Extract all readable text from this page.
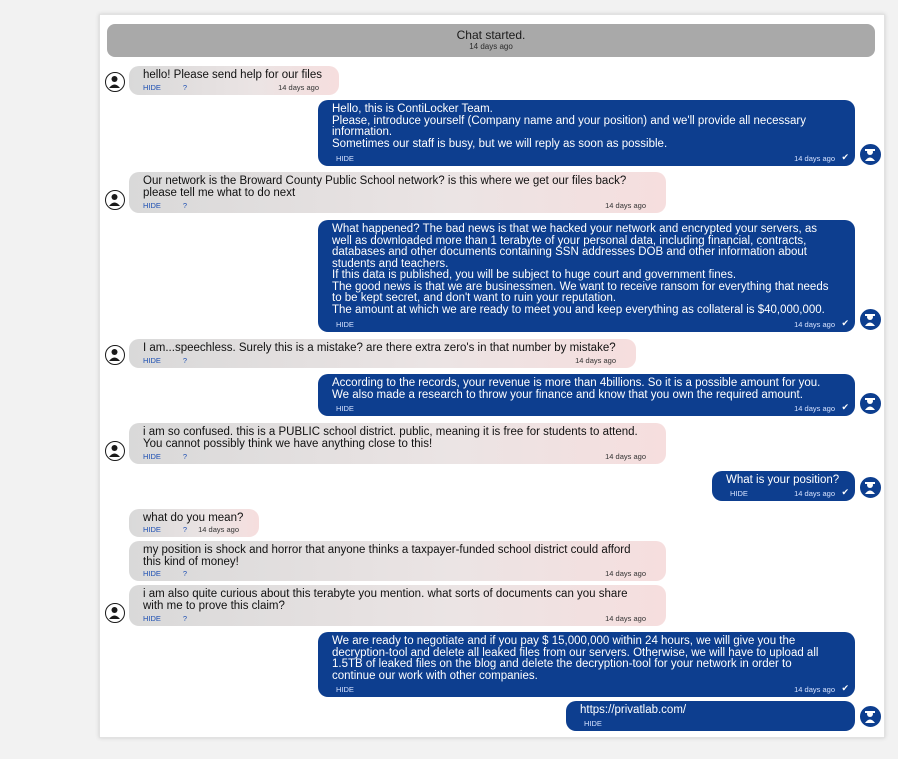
Chat started.
14 days ago
hello! Please send help for our files
HIDE	?	14 days ago
Hello, this is ContiLocker Team.
Please, introduce yourself (Company name and your position) and we'll provide all necessary
information.
Sometimes our staff is busy, but we will reply as soon as possible.
HIDE	14 days ago ✔
Our network is the Broward County Public School network? is this where we get our files back?
please tell me what to do next
HIDE	?	14 days ago
What happened? The bad news is that we hacked your network and encrypted your servers, as
well as downloaded more than 1 terabyte of your personal data, including financial, contracts,
databases and other documents containing SSN addresses DOB and other information about
students and teachers.
If this data is published, you will be subject to huge court and government fines.
The good news is that we are businessmen. We want to receive ransom for everything that needs
to be kept secret, and don't want to ruin your reputation.
The amount at which we are ready to meet you and keep everything as collateral is $40,000,000.
HIDE	14 days ago ✔
I am...speechless. Surely this is a mistake? are there extra zero's in that number by mistake?
HIDE	?	14 days ago
According to the records, your revenue is more than 4billions. So it is a possible amount for you.
We also made a research to throw your finance and know that you own the required amount.
HIDE	14 days ago ✔
i am so confused. this is a PUBLIC school district. public, meaning it is free for students to attend.
You cannot possibly think we have anything close to this!
HIDE	?	14 days ago
What is your position?
HIDE	14 days ago ✔
what do you mean?
HIDE	? 14 days ago
my position is shock and horror that anyone thinks a taxpayer-funded school district could afford
this kind of money!
HIDE	?	14 days ago
i am also quite curious about this terabyte you mention. what sorts of documents can you share
with me to prove this claim?
HIDE	?	14 days ago
We are ready to negotiate and if you pay $ 15,000,000 within 24 hours, we will give you the
decryption-tool and delete all leaked files from our servers. Otherwise, we will have to upload all
1.5TB of leaked files on the blog and delete the decryption-tool for your network in order to
continue our work with other companies.
HIDE	14 days ago ✔
https://privatlab.com/
HIDE
